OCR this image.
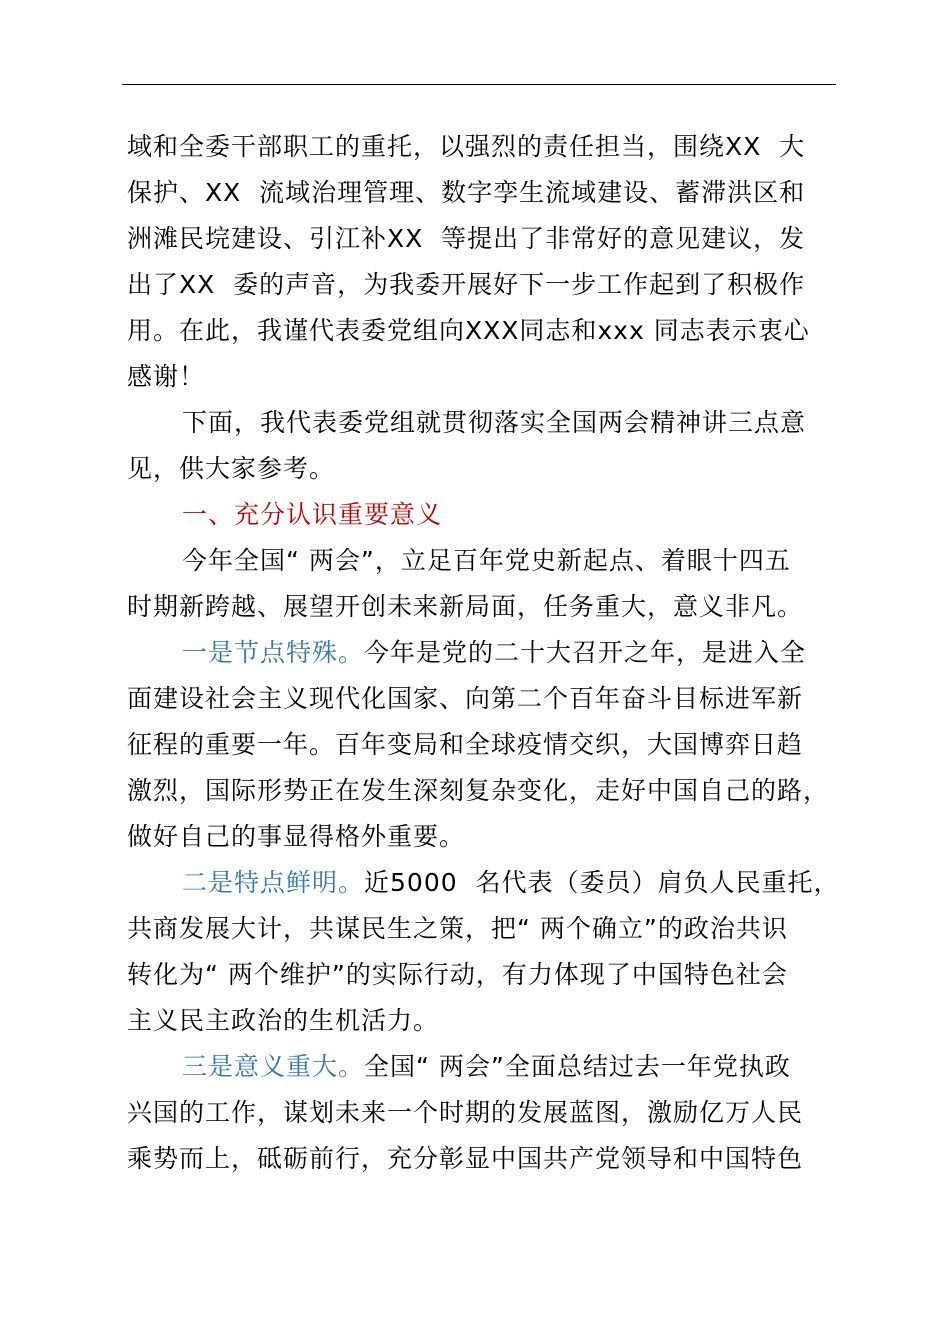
域和全委干部职工的重托，以强烈的责任担当，围绕XX  大
保护、XX  流域治理管理、数字孪生流域建设、蓄滞洪区和
洲滩民垸建设、引江补XX  等提出了非常好的意见建议，发
出了XX  委的声音，为我委开展好下一步工作起到了积极作
用。在此，我谨代表委党组向XXX同志和xxx 同志表示衷心
感谢！
下面，我代表委党组就贯彻落实全国两会精神讲三点意
见，供大家参考。
一、充分认识重要意义
今年全国“ 两会”，立足百年党史新起点、着眼十四五
时期新跨越、展望开创未来新局面，任务重大，意义非凡。
一是节点特殊。今年是党的二十大召开之年，是进入全
面建设社会主义现代化国家、向第二个百年奋斗目标进军新
征程的重要一年。百年变局和全球疫情交织，大国博弈日趋
激烈，国际形势正在发生深刻复杂变化，走好中国自己的路，
做好自己的事显得格外重要。
二是特点鲜明。近5000  名代表（委员）肩负人民重托，
共商发展大计，共谋民生之策，把“ 两个确立”的政治共识
转化为“ 两个维护”的实际行动，有力体现了中国特色社会
主义民主政治的生机活力。
三是意义重大。全国“ 两会”全面总结过去一年党执政
兴国的工作，谋划未来一个时期的发展蓝图，激励亿万人民
乘势而上，砥砺前行，充分彰显中国共产党领导和中国特色
